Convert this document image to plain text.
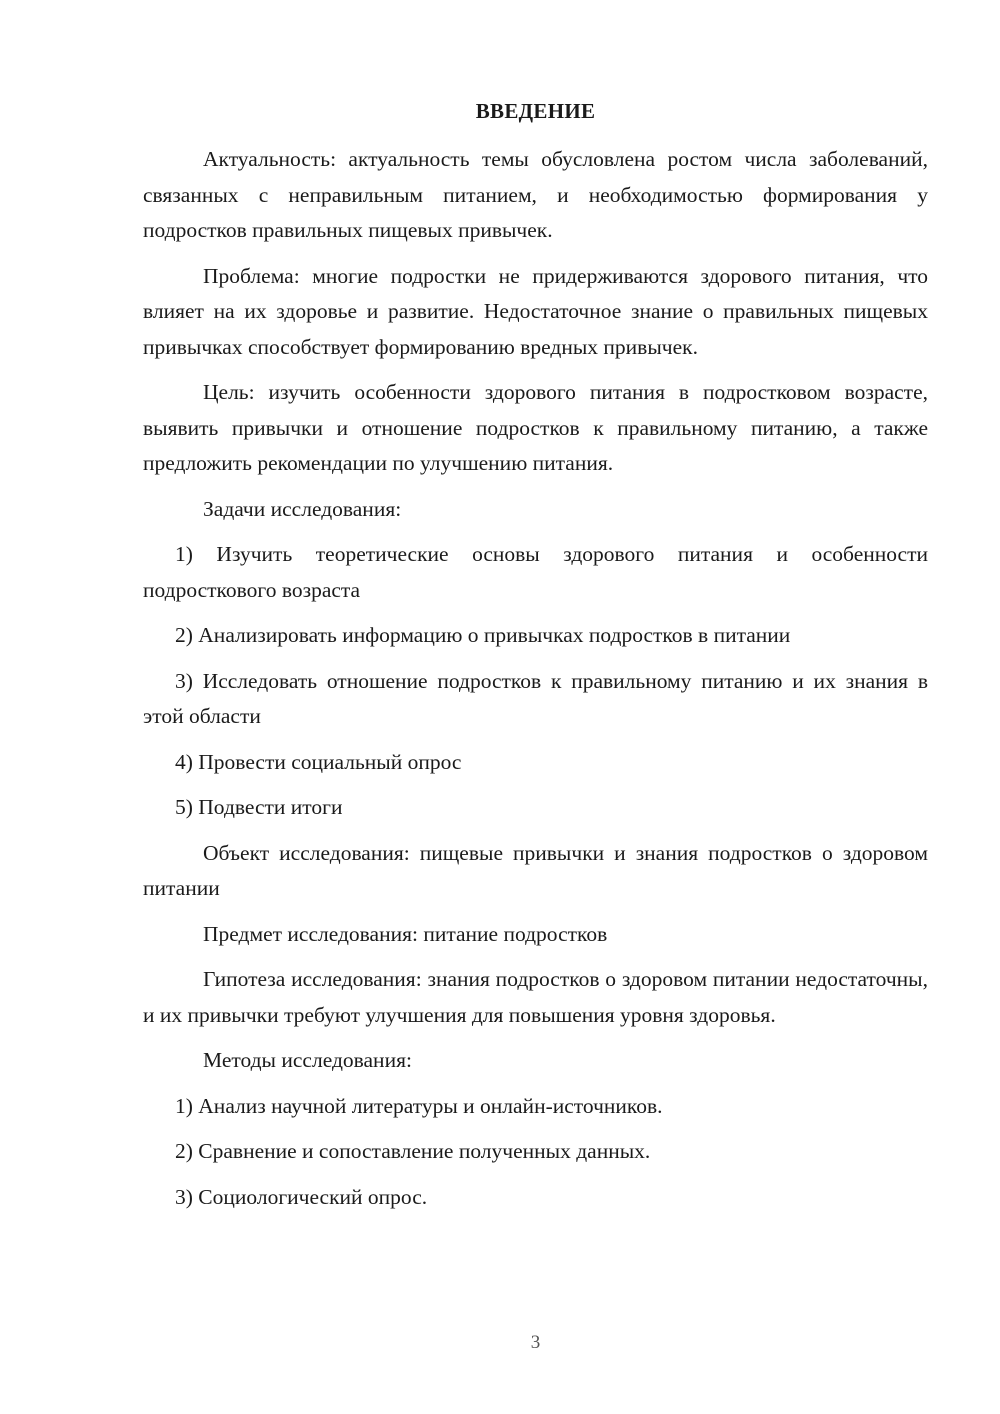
ВВЕДЕНИЕ

Актуальность: актуальность темы обусловлена ростом числа заболеваний, связанных с неправильным питанием, и необходимостью формирования у подростков правильных пищевых привычек.

Проблема: многие подростки не придерживаются здорового питания, что влияет на их здоровье и развитие. Недостаточное знание о правильных пищевых привычках способствует формированию вредных привычек.

Цель: изучить особенности здорового питания в подростковом возрасте, выявить привычки и отношение подростков к правильному питанию, а также предложить рекомендации по улучшению питания.

Задачи исследования:

1) Изучить теоретические основы здорового питания и особенности подросткового возраста

2) Анализировать информацию о привычках подростков в питании

3) Исследовать отношение подростков к правильному питанию и их знания в этой области

4) Провести социальный опрос

5) Подвести итоги

Объект исследования: пищевые привычки и знания подростков о здоровом питании

Предмет исследования: питание подростков

Гипотеза исследования: знания подростков о здоровом питании недостаточны, и их привычки требуют улучшения для повышения уровня здоровья.

Методы исследования:

1) Анализ научной литературы и онлайн-источников.

2) Сравнение и сопоставление полученных данных.

3) Социологический опрос.

3
